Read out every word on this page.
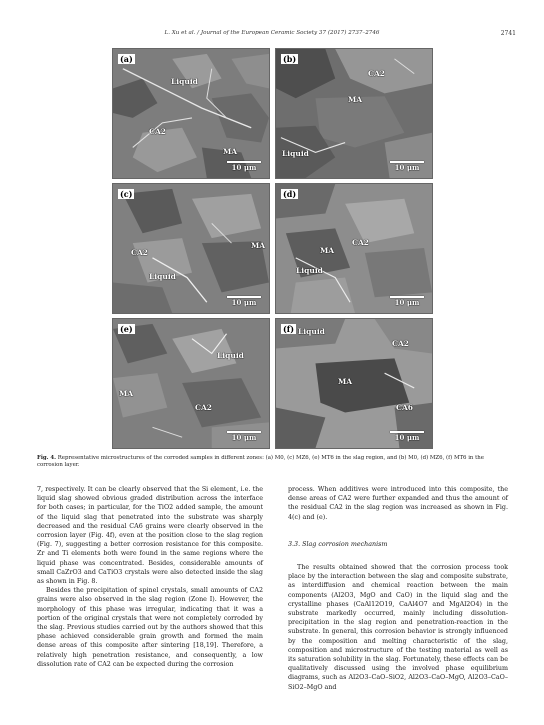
L. Xu et al. / Journal of the European Ceramic Society 37 (2017) 2737–2746	2741
(a)
Liquid
CA2
MA
10 μm
(b)
CA2
MA
Liquid
10 μm
(c)
MA
CA2
Liquid
10 μm
(d)
MA
CA2
Liquid
10 μm
(e)
Liquid
MA
CA2
10 μm
(f) Liquid
CA2
MA
CA6
10 μm
Fig. 4. Representative microstructures of the corroded samples in different zones: (a) M0, (c) MZ6, (e) MT6 in the slag region, and (b) M0, (d) MZ6, (f) MT6 in the corrosion layer.

7, respectively. It can be clearly observed that the Si element, i.e. the liquid slag showed obvious graded distribution across the interface for both cases; in particular, for the TiO2 added sample, the amount of the liquid slag that penetrated into the substrate was sharply decreased and the residual CA6 grains were clearly observed in the corrosion layer (Fig. 4f), even at the position close to the slag region (Fig. 7), suggesting a better corrosion resistance for this composite. Zr and Ti elements both were found in the same regions where the liquid phase was concentrated. Besides, considerable amounts of small CaZrO3 and CaTiO3 crystals were also detected inside the slag as shown in Fig. 8.

Besides the precipitation of spinel crystals, small amounts of CA2 grains were also observed in the slag region (Zone I). However, the morphology of this phase was irregular, indicating that it was a portion of the original crystals that were not completely corroded by the slag. Previous studies carried out by the authors showed that this phase achieved considerable grain growth and formed the main dense areas of this composite after sintering [18,19]. Therefore, a relatively high penetration resistance, and consequently, a low dissolution rate of CA2 can be expected during the corrosion

process. When additives were introduced into this composite, the dense areas of CA2 were further expanded and thus the amount of the residual CA2 in the slag region was increased as shown in Fig. 4(c) and (e).

3.3. Slag corrosion mechanism

The results obtained showed that the corrosion process took place by the interaction between the slag and composite substrate, as interdiffusion and chemical reaction between the main components (Al2O3, MgO and CaO) in the liquid slag and the crystalline phases (CaAl12O19, CaAl4O7 and MgAl2O4) in the substrate markedly occurred, mainly including dissolution-precipitation in the slag region and penetration-reaction in the substrate. In general, this corrosion behavior is strongly influenced by the composition and melting characteristic of the slag, composition and microstructure of the testing material as well as its saturation solubility in the slag. Fortunately, these effects can be qualitatively discussed using the involved phase equilibrium diagrams, such as Al2O3–CaO–SiO2, Al2O3–CaO–MgO, Al2O3–CaO–SiO2–MgO and
